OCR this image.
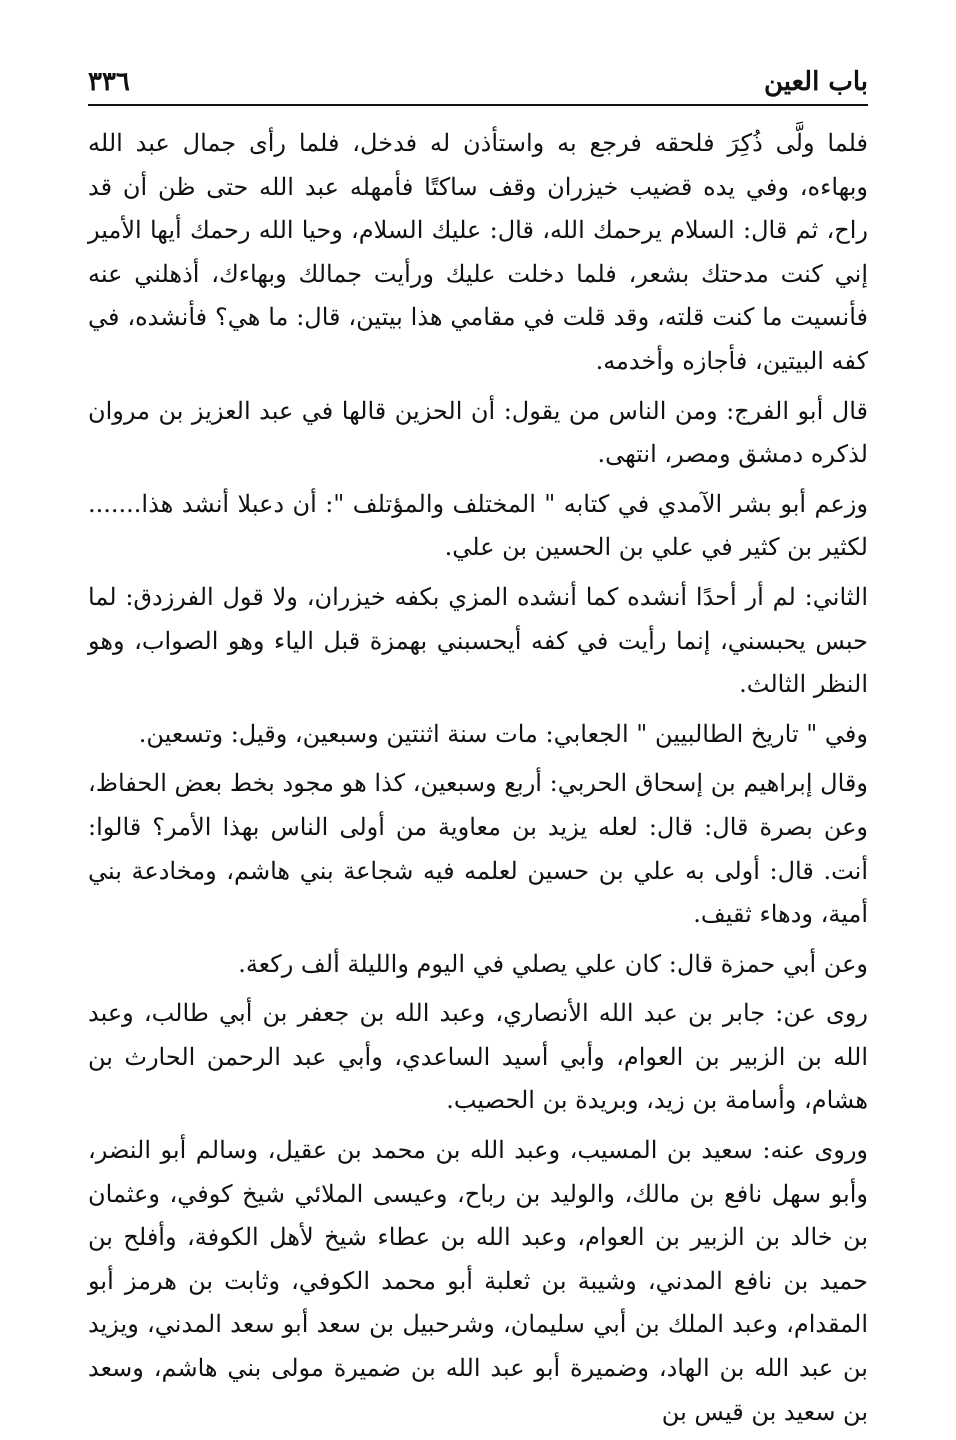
باب العين
٣٣٦

فلما ولَّى ذُكِرَ فلحقه فرجع به واستأذن له فدخل، فلما رأى جمال عبد الله وبهاءه، وفي يده قضيب خيزران وقف ساكتًا فأمهله عبد الله حتى ظن أن قد راح، ثم قال: السلام يرحمك الله، قال: عليك السلام، وحيا الله رحمك أيها الأمير إني كنت مدحتك بشعر، فلما دخلت عليك ورأيت جمالك وبهاءك، أذهلني عنه فأنسيت ما كنت قلته، وقد قلت في مقامي هذا بيتين، قال: ما هي؟ فأنشده، في كفه البيتين، فأجازه وأخدمه.

قال أبو الفرج: ومن الناس من يقول: أن الحزين قالها في عبد العزيز بن مروان لذكره دمشق ومصر، انتهى.

وزعم أبو بشر الآمدي في كتابه " المختلف والمؤتلف ": أن دعبلا أنشد هذا....... لكثير بن كثير في علي بن الحسين بن علي.

الثاني: لم أر أحدًا أنشده كما أنشده المزي بكفه خيزران، ولا قول الفرزدق: لما حبس يحبسني، إنما رأيت في كفه أيحسبني بهمزة قبل الياء وهو الصواب، وهو النظر الثالث.

وفي " تاريخ الطالبيين " الجعابي: مات سنة اثنتين وسبعين، وقيل: وتسعين.

وقال إبراهيم بن إسحاق الحربي: أربع وسبعين، كذا هو مجود بخط بعض الحفاظ، وعن بصرة قال: قال: لعله يزيد بن معاوية من أولى الناس بهذا الأمر؟ قالوا: أنت. قال: أولى به علي بن حسين لعلمه فيه شجاعة بني هاشم، ومخادعة بني أمية، ودهاء ثقيف.

وعن أبي حمزة قال: كان علي يصلي في اليوم والليلة ألف ركعة.

روى عن: جابر بن عبد الله الأنصاري، وعبد الله بن جعفر بن أبي طالب، وعبد الله بن الزبير بن العوام، وأبي أسيد الساعدي، وأبي عبد الرحمن الحارث بن هشام، وأسامة بن زيد، وبريدة بن الحصيب.

وروى عنه: سعيد بن المسيب، وعبد الله بن محمد بن عقيل، وسالم أبو النضر، وأبو سهل نافع بن مالك، والوليد بن رباح، وعيسى الملائي شيخ كوفي، وعثمان بن خالد بن الزبير بن العوام، وعبد الله بن عطاء شيخ لأهل الكوفة، وأفلح بن حميد بن نافع المدني، وشيبة بن ثعلبة أبو محمد الكوفي، وثابت بن هرمز أبو المقدام، وعبد الملك بن أبي سليمان، وشرحبيل بن سعد أبو سعد المدني، ويزيد بن عبد الله بن الهاد، وضميرة أبو عبد الله بن ضميرة مولى بني هاشم، وسعد بن سعيد بن قيس بن
